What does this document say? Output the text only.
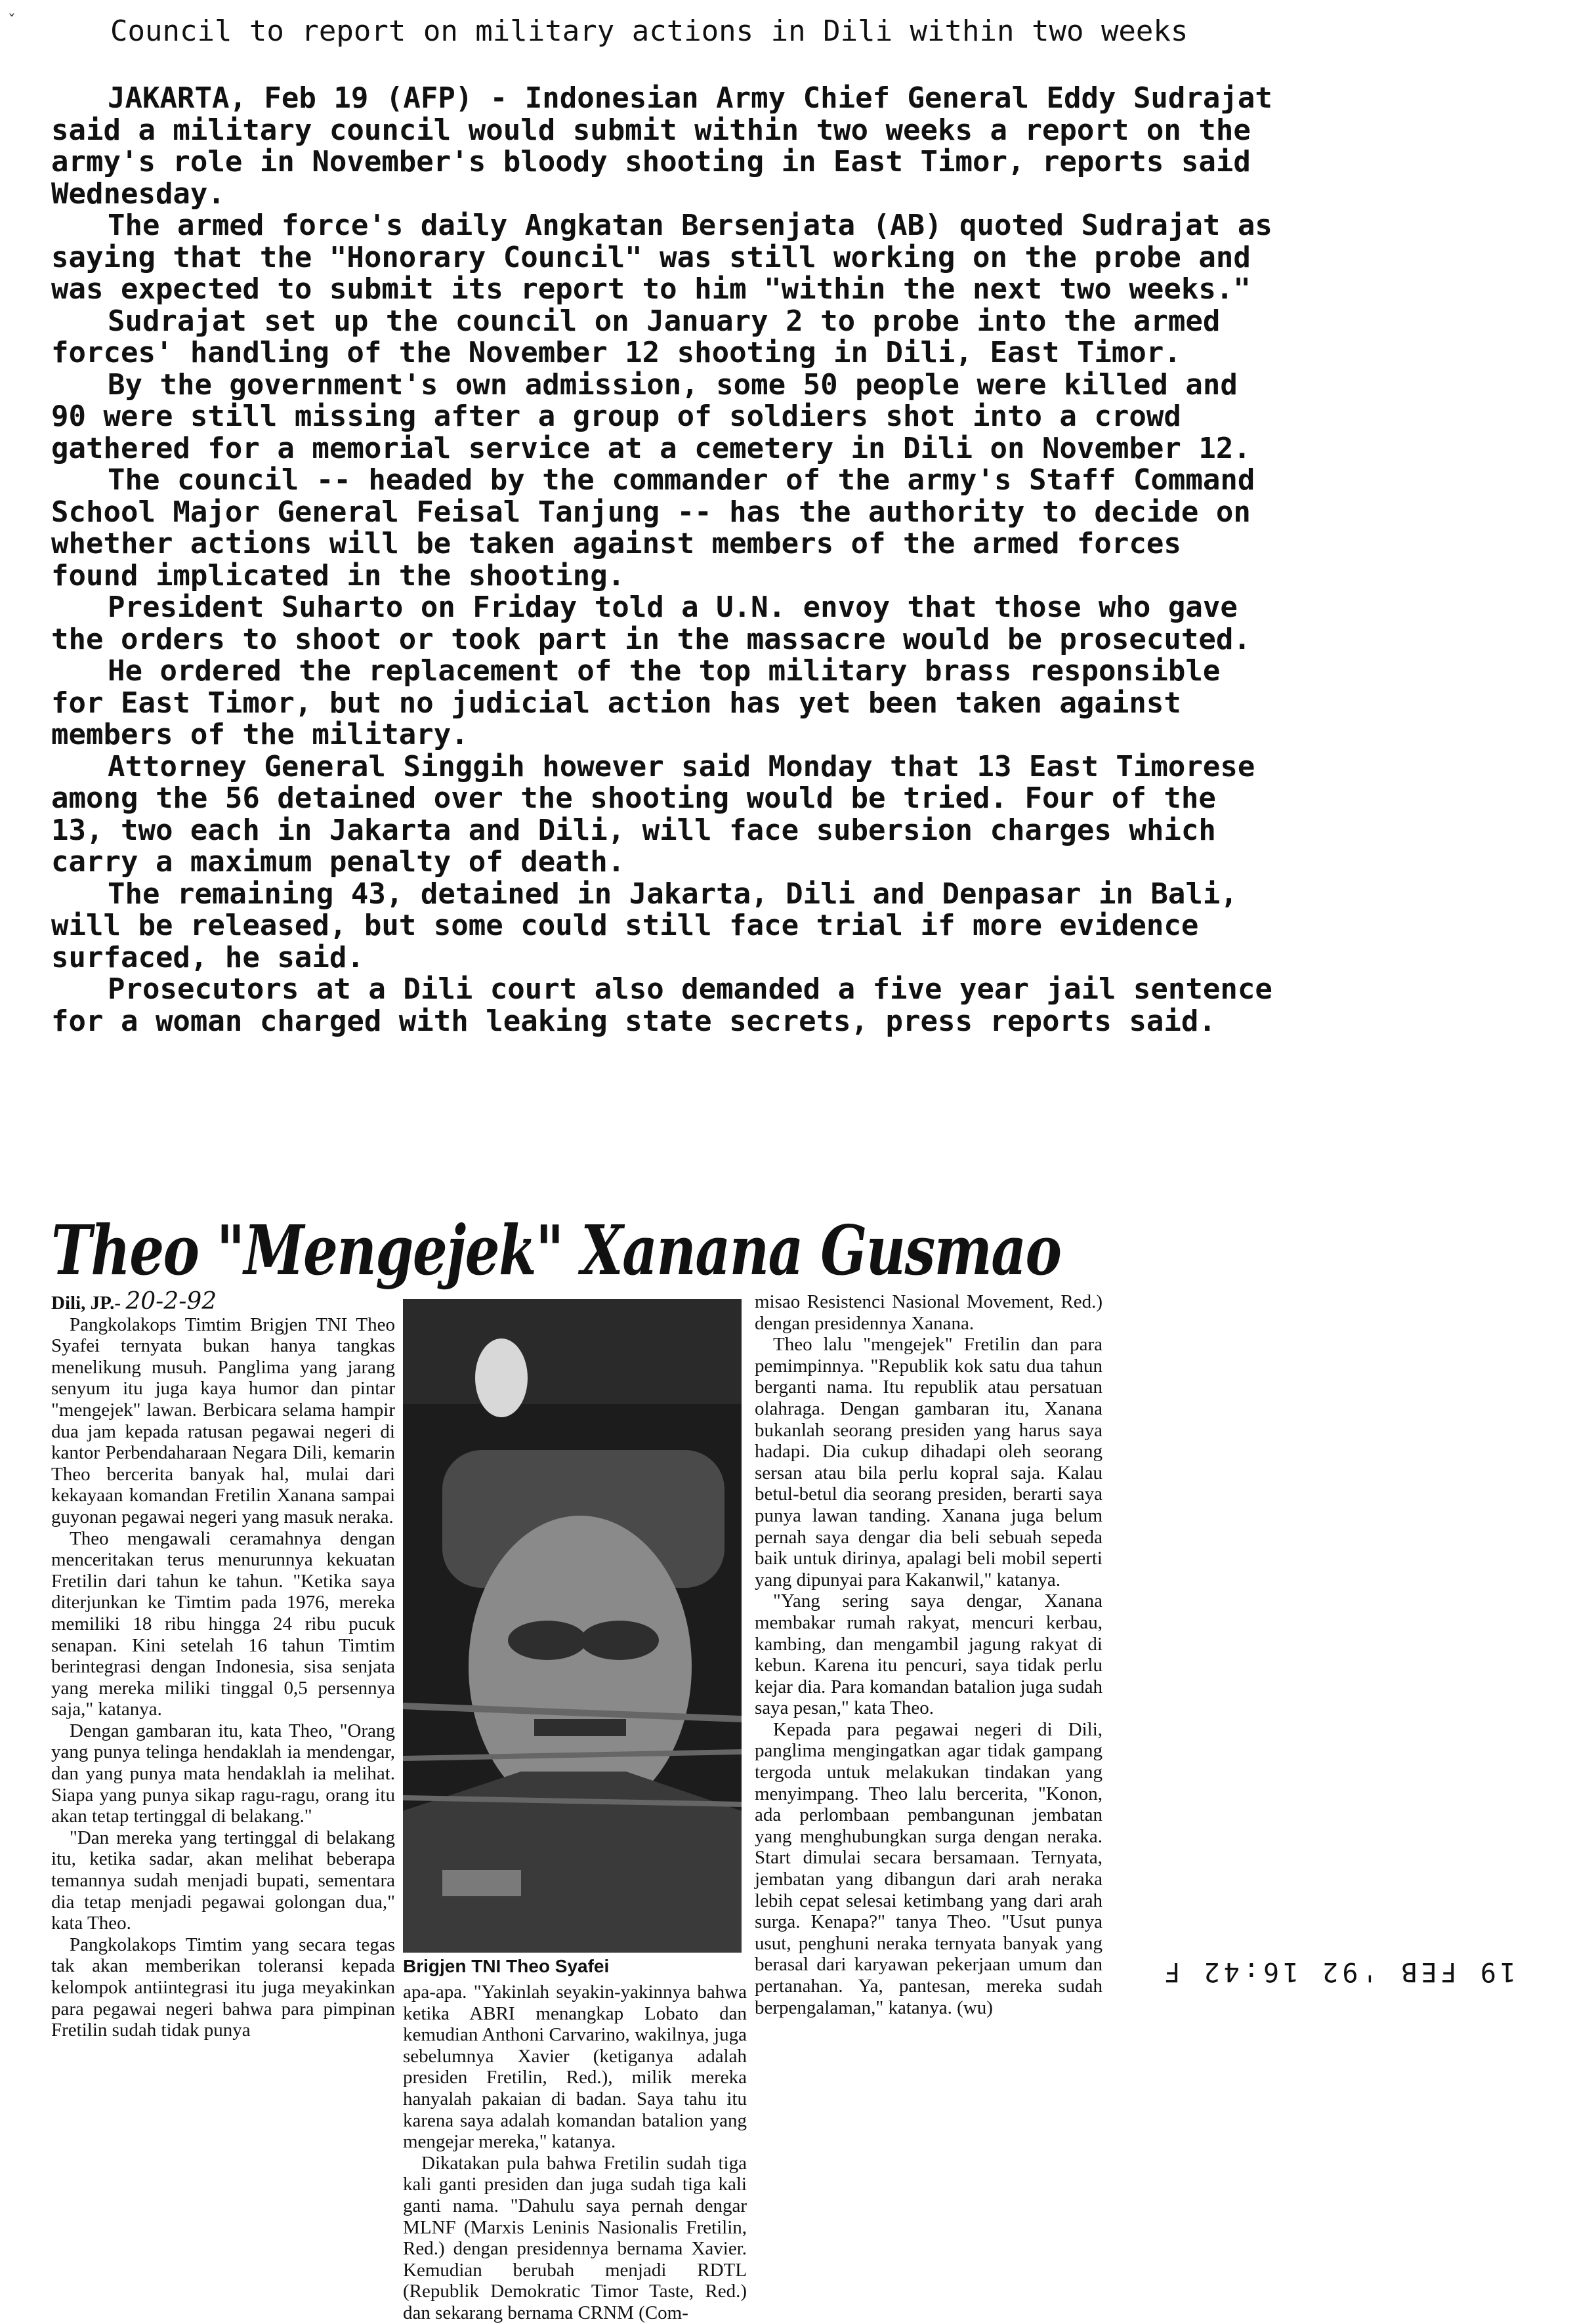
ˇ	Council to report on military actions in Dili within two weeks

JAKARTA, Feb 19 (AFP) - Indonesian Army Chief General Eddy Sudrajat said a military council would submit within two weeks a report on the army's role in November's bloody shooting in East Timor, reports said Wednesday.

The armed force's daily Angkatan Bersenjata (AB) quoted Sudrajat as saying that the "Honorary Council" was still working on the probe and was expected to submit its report to him "within the next two weeks."

Sudrajat set up the council on January 2 to probe into the armed forces' handling of the November 12 shooting in Dili, East Timor.

By the government's own admission, some 50 people were killed and 90 were still missing after a group of soldiers shot into a crowd gathered for a memorial service at a cemetery in Dili on November 12.

The council -- headed by the commander of the army's Staff Command School Major General Feisal Tanjung -- has the authority to decide on whether actions will be taken against members of the armed forces found implicated in the shooting.

President Suharto on Friday told a U.N. envoy that those who gave the orders to shoot or took part in the massacre would be prosecuted.

He ordered the replacement of the top military brass responsible for East Timor, but no judicial action has yet been taken against members of the military.

Attorney General Singgih however said Monday that 13 East Timorese among the 56 detained over the shooting would be tried. Four of the 13, two each in Jakarta and Dili, will face subersion charges which carry a maximum penalty of death.

The remaining 43, detained in Jakarta, Dili and Denpasar in Bali, will be released, but some could still face trial if more evidence surfaced, he said.

Prosecutors at a Dili court also demanded a five year jail sentence for a woman charged with leaking state secrets, press reports said.

Theo "Mengejek" Xanana Gusmao

Dili, JP.- 20-2-92

Pangkolakops Timtim Brigjen TNI Theo Syafei ternyata bukan hanya tangkas menelikung musuh. Panglima yang jarang senyum itu juga kaya humor dan pintar "mengejek" lawan. Berbicara selama hampir dua jam kepada ratusan pegawai negeri di kantor Perbendaharaan Negara Dili, kemarin Theo bercerita banyak hal, mulai dari kekayaan komandan Fretilin Xanana sampai guyonan pegawai negeri yang masuk neraka.

Theo mengawali ceramahnya dengan menceritakan terus menurunnya kekuatan Fretilin dari tahun ke tahun. "Ketika saya diterjunkan ke Timtim pada 1976, mereka memiliki 18 ribu hingga 24 ribu pucuk senapan. Kini setelah 16 tahun Timtim berintegrasi dengan Indonesia, sisa senjata yang mereka miliki tinggal 0,5 persennya saja," katanya.

Dengan gambaran itu, kata Theo, "Orang yang punya telinga hendaklah ia mendengar, dan yang punya mata hendaklah ia melihat. Siapa yang punya sikap ragu-ragu, orang itu akan tetap tertinggal di belakang."

"Dan mereka yang tertinggal di belakang itu, ketika sadar, akan melihat beberapa temannya sudah menjadi bupati, sementara dia tetap menjadi pegawai golongan dua," kata Theo.

Pangkolakops Timtim yang secara tegas tak akan memberikan toleransi kepada kelompok antiintegrasi itu juga meyakinkan para pegawai negeri bahwa para pimpinan Fretilin sudah tidak punya

Brigjen TNI Theo Syafei

apa-apa. "Yakinlah seyakin-yakinnya bahwa ketika ABRI menangkap Lobato dan kemudian Anthoni Carvarino, wakilnya, juga sebelumnya Xavier (ketiganya adalah presiden Fretilin, Red.), milik mereka hanyalah pakaian di badan. Saya tahu itu karena saya adalah komandan batalion yang mengejar mereka," katanya.

Dikatakan pula bahwa Fretilin sudah tiga kali ganti presiden dan juga sudah tiga kali ganti nama. "Dahulu saya pernah dengar MLNF (Marxis Leninis Nasionalis Fretilin, Red.) dengan presidennya bernama Xavier. Kemudian berubah menjadi RDTL (Republik Demokratic Timor Taste, Red.) dan sekarang bernama CRNM (Com-

misao Resistenci Nasional Movement, Red.) dengan presidennya Xanana.

Theo lalu "mengejek" Fretilin dan para pemimpinnya. "Republik kok satu dua tahun berganti nama. Itu republik atau persatuan olahraga. Dengan gambaran itu, Xanana bukanlah seorang presiden yang harus saya hadapi. Dia cukup dihadapi oleh seorang sersan atau bila perlu kopral saja. Kalau betul-betul dia seorang presiden, berarti saya punya lawan tanding. Xanana juga belum pernah saya dengar dia beli sebuah sepeda baik untuk dirinya, apalagi beli mobil seperti yang dipunyai para Kakanwil," katanya.

"Yang sering saya dengar, Xanana membakar rumah rakyat, mencuri kerbau, kambing, dan mengambil jagung rakyat di kebun. Karena itu pencuri, saya tidak perlu kejar dia. Para komandan batalion juga sudah saya pesan," kata Theo.

Kepada para pegawai negeri di Dili, panglima mengingatkan agar tidak gampang tergoda untuk melakukan tindakan yang menyimpang. Theo lalu bercerita, "Konon, ada perlombaan pembangunan jembatan yang menghubungkan surga dengan neraka. Start dimulai secara bersamaan. Ternyata, jembatan yang dibangun dari arah neraka lebih cepat selesai ketimbang yang dari arah surga. Kenapa?" tanya Theo. "Usut punya usut, penghuni neraka ternyata banyak yang berasal dari karyawan pekerjaan umum dan pertanahan. Ya, pantesan, mereka sudah berpengalaman," katanya. (wu)

19 FEB '92 16:42 F
